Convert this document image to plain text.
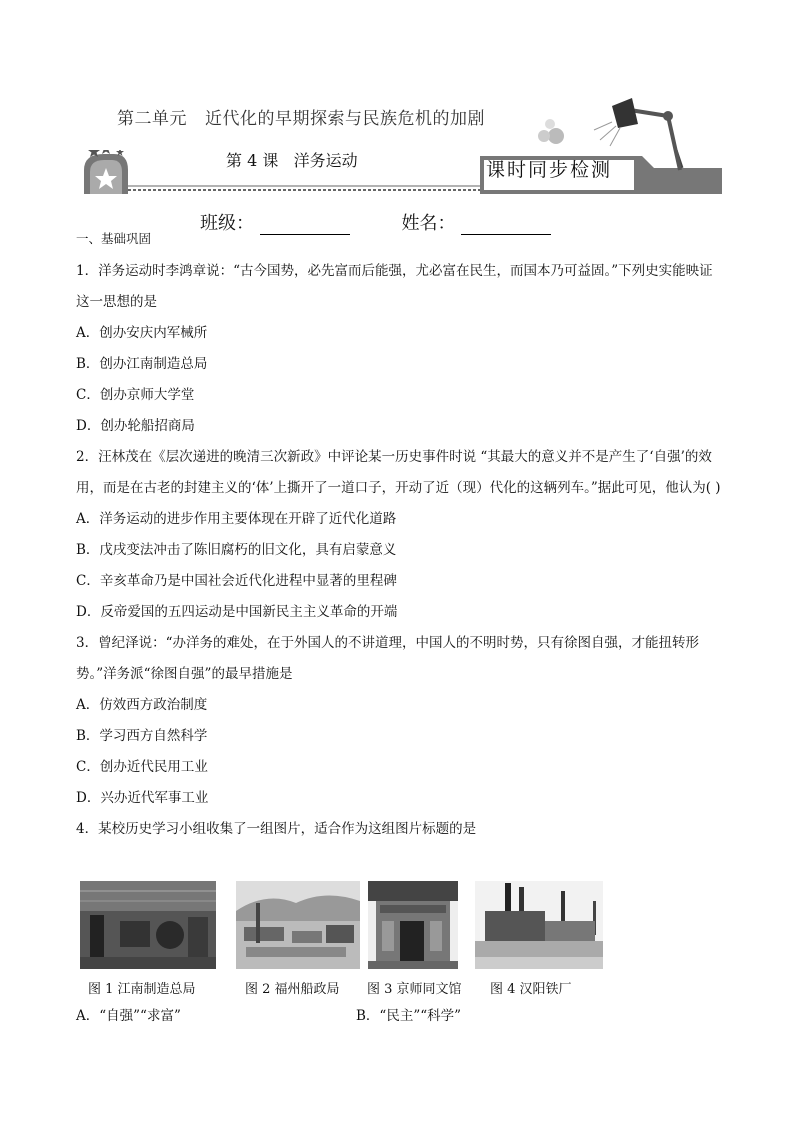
第二单元 近代化的早期探索与民族危机的加剧
第 4 课 洋务运动	课时同步检测
班级：	姓名：
一、基础巩固

1．洋务运动时李鸿章说：“古今国势，必先富而后能强，尤必富在民生，而国本乃可益固。”下列史实能映证这一思想的是

A．创办安庆内军械所

B．创办江南制造总局

C．创办京师大学堂

D．创办轮船招商局

2．汪林茂在《层次递进的晚清三次新政》中评论某一历史事件时说 “其最大的意义并不是产生了‘自强’的效用，而是在古老的封建主义的‘体’上撕开了一道口子，开动了近（现）代化的这辆列车。”据此可见，他认为( )

A．洋务运动的进步作用主要体现在开辟了近代化道路

B．戊戌变法冲击了陈旧腐朽的旧文化，具有启蒙意义

C．辛亥革命乃是中国社会近代化进程中显著的里程碑

D．反帝爱国的五四运动是中国新民主主义革命的开端

3．曾纪泽说：“办洋务的难处，在于外国人的不讲道理，中国人的不明时势，只有徐图自强，才能扭转形势。”洋务派“徐图自强”的最早措施是

A．仿效西方政治制度

B．学习西方自然科学

C．创办近代民用工业

D．兴办近代军事工业

4．某校历史学习小组收集了一组图片，适合作为这组图片标题的是

图 1 江南制造总局	图 2 福州船政局 图 3 京师同文馆 图 4 汉阳铁厂
A．“自强”“求富”	B．“民主”“科学”
